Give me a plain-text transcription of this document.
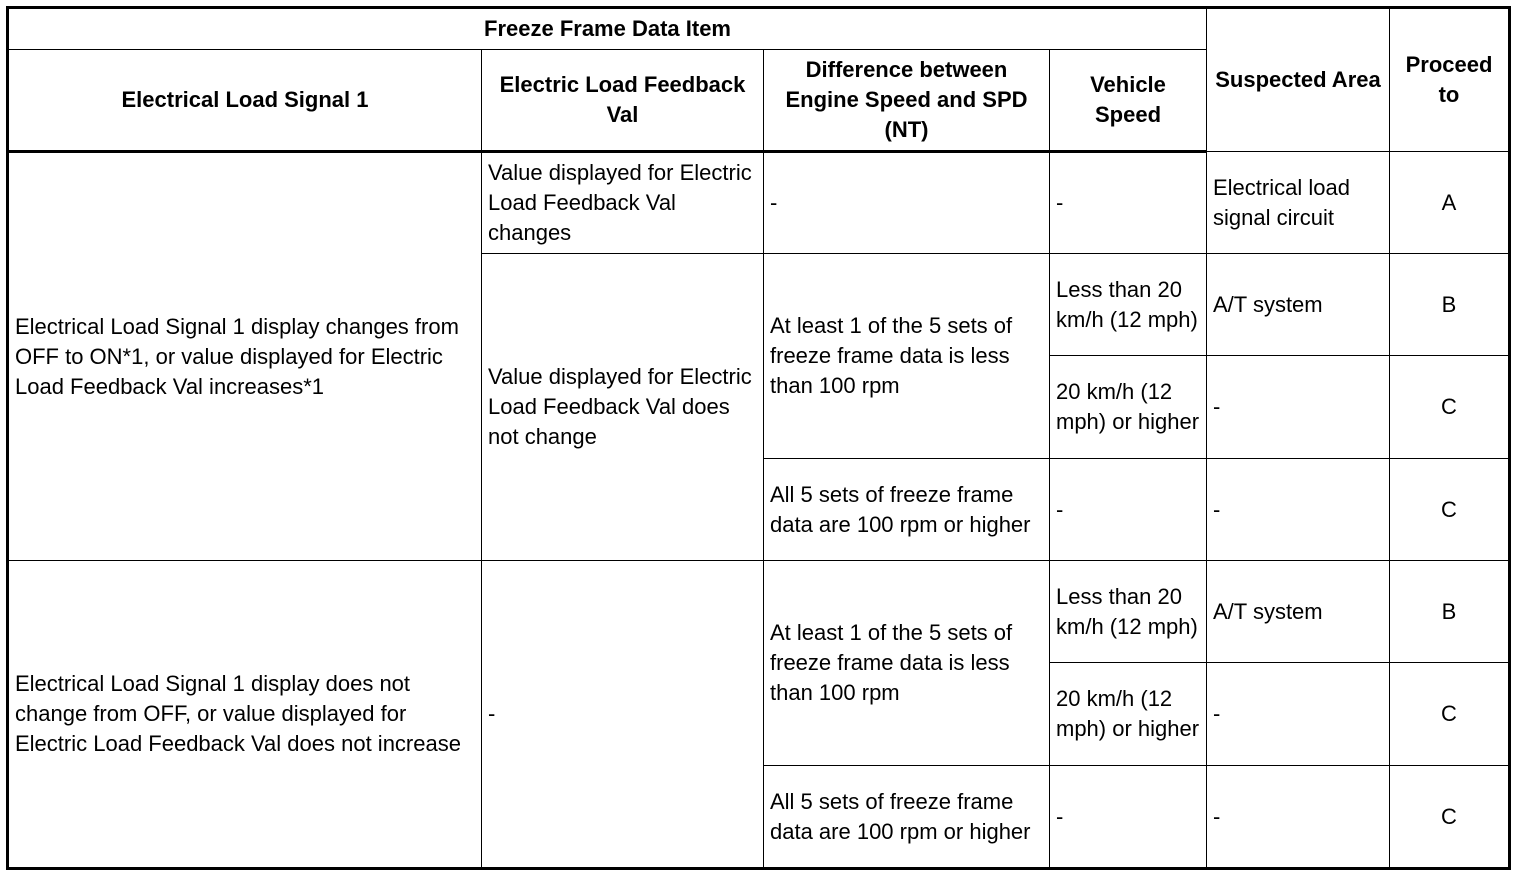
Freeze Frame Data Item				Suspected Area	Proceed to
Electrical Load Signal 1	Electric Load Feedback Val	Difference between Engine Speed and SPD (NT)	Vehicle Speed		
Electrical Load Signal 1 display changes from OFF to ON*1, or value displayed for Electric Load Feedback Val increases*1	Value displayed for Electric Load Feedback Val changes	-	-	Electrical load signal circuit	A
	Value displayed for Electric Load Feedback Val does not change	At least 1 of the 5 sets of freeze frame data is less than 100 rpm	Less than 20 km/h (12 mph)	A/T system	B
			20 km/h (12 mph) or higher	-	C
		All 5 sets of freeze frame data are 100 rpm or higher	-	-	C
Electrical Load Signal 1 display does not change from OFF, or value displayed for Electric Load Feedback Val does not increase	-	At least 1 of the 5 sets of freeze frame data is less than 100 rpm	Less than 20 km/h (12 mph)	A/T system	B
			20 km/h (12 mph) or higher	-	C
		All 5 sets of freeze frame data are 100 rpm or higher	-	-	C
